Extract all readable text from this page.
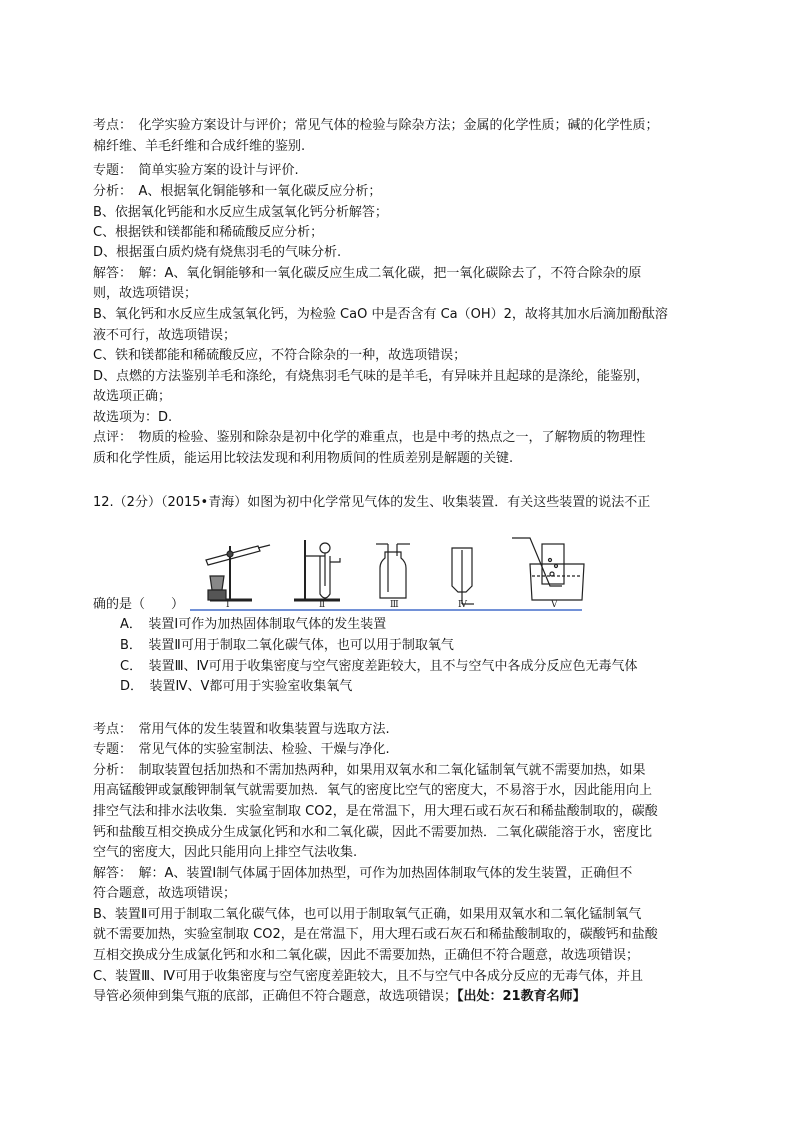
考点：　化学实验方案设计与评价；常见气体的检验与除杂方法；金属的化学性质；碱的化学性质；
棉纤维、羊毛纤维和合成纤维的鉴别.
专题：　简单实验方案的设计与评价.
分析：　A、根据氧化铜能够和一氧化碳反应分析；
B、依据氧化钙能和水反应生成氢氧化钙分析解答；
C、根据铁和镁都能和稀硫酸反应分析；
D、根据蛋白质灼烧有烧焦羽毛的气味分析.
解答：　解：A、氧化铜能够和一氧化碳反应生成二氧化碳，把一氧化碳除去了，不符合除杂的原
则，故选项错误；
B、氧化钙和水反应生成氢氧化钙，为检验 CaO 中是否含有 Ca（OH）2，故将其加水后滴加酚酞溶
液不可行，故选项错误；
C、铁和镁都能和稀硫酸反应，不符合除杂的一种，故选项错误；
D、点燃的方法鉴别羊毛和涤纶，有烧焦羽毛气味的是羊毛，有异味并且起球的是涤纶，能鉴别，
故选项正确；
故选项为：D.
点评：　物质的检验、鉴别和除杂是初中化学的难重点，也是中考的热点之一，了解物质的物理性
质和化学性质，能运用比较法发现和利用物质间的性质差别是解题的关键.
12.（2分）（2015•青海）如图为初中化学常见气体的发生、收集装置．有关这些装置的说法不正
Ⅰ	Ⅱ	Ⅲ	Ⅳ	Ⅴ
确的是（　　）
A．　装置Ⅰ可作为加热固体制取气体的发生装置
B．　装置Ⅱ可用于制取二氧化碳气体，也可以用于制取氧气
C．　装置Ⅲ、Ⅳ可用于收集密度与空气密度差距较大，且不与空气中各成分反应色无毒气体
D．　装置Ⅳ、Ⅴ都可用于实验室收集氧气
考点：　常用气体的发生装置和收集装置与选取方法.
专题：　常见气体的实验室制法、检验、干燥与净化.
分析：　制取装置包括加热和不需加热两种，如果用双氧水和二氧化锰制氧气就不需要加热，如果
用高锰酸钾或氯酸钾制氧气就需要加热．氧气的密度比空气的密度大，不易溶于水，因此能用向上
排空气法和排水法收集．实验室制取 CO2，是在常温下，用大理石或石灰石和稀盐酸制取的，碳酸
钙和盐酸互相交换成分生成氯化钙和水和二氧化碳，因此不需要加热．二氧化碳能溶于水，密度比
空气的密度大，因此只能用向上排空气法收集.
解答：　解：A、装置Ⅰ制气体属于固体加热型，可作为加热固体制取气体的发生装置，正确但不
符合题意，故选项错误；
B、装置Ⅱ可用于制取二氧化碳气体，也可以用于制取氧气正确，如果用双氧水和二氧化锰制氧气
就不需要加热，实验室制取 CO2，是在常温下，用大理石或石灰石和稀盐酸制取的，碳酸钙和盐酸
互相交换成分生成氯化钙和水和二氧化碳，因此不需要加热，正确但不符合题意，故选项错误；
C、装置Ⅲ、Ⅳ可用于收集密度与空气密度差距较大，且不与空气中各成分反应的无毒气体，并且
导管必须伸到集气瓶的底部，正确但不符合题意，故选项错误；【出处：21教育名师】
